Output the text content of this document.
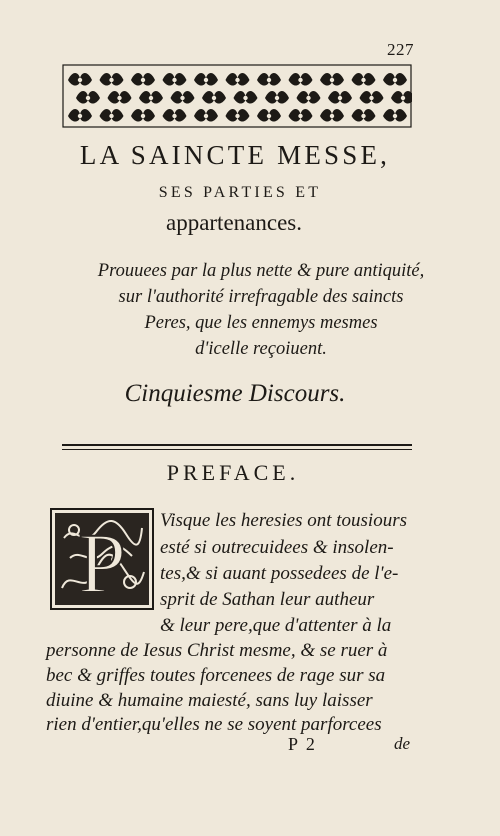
227
LA SAINCTE MESSE,
SES PARTIES ET
appartenances.
Prouuees par la plus nette & pure antiquité,
sur l'authorité irrefragable des saincts
Peres, que les ennemys mesmes
d'icelle reçoiuent.
Cinquiesme Discours.
PREFACE.
P Visque les heresies ont tousiours
esté si outrecuidees & insolen-
tes,& si auant possedees de l'e-
sprit de Sathan leur autheur
& leur pere,que d'attenter à la
personne de Iesus Christ mesme, & se ruer à
bec & griffes toutes forcenees de rage sur sa
diuine & humaine maiesté, sans luy laisser
rien d'entier,qu'elles ne se soyent parforcees
P 2	de
